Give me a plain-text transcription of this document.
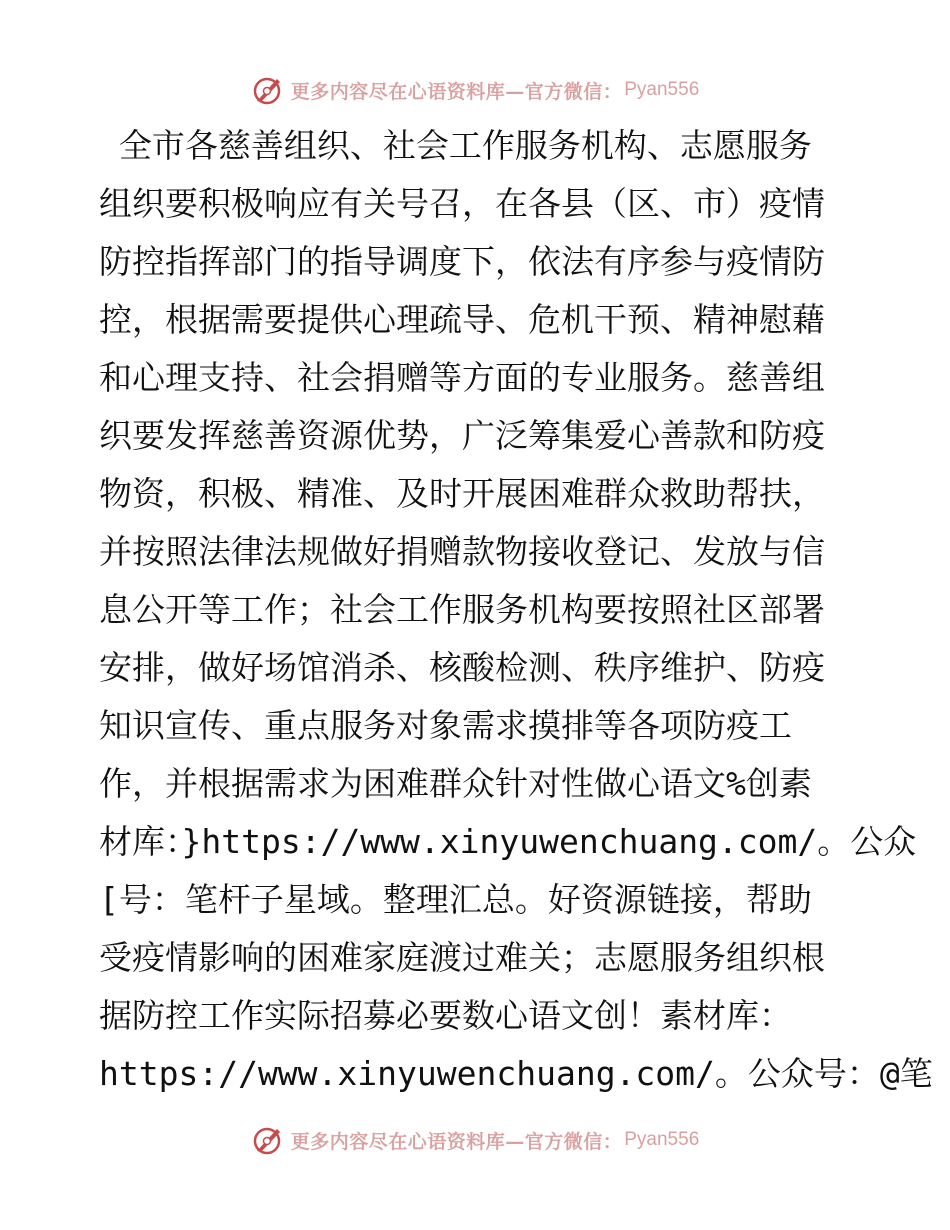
更多内容尽在心语资料库—官方微信： Pyan556
全市各慈善组织、社会工作服务机构、志愿服务
组织要积极响应有关号召，在各县（区、市）疫情
防控指挥部门的指导调度下，依法有序参与疫情防
控，根据需要提供心理疏导、危机干预、精神慰藉
和心理支持、社会捐赠等方面的专业服务。慈善组
织要发挥慈善资源优势，广泛筹集爱心善款和防疫
物资，积极、精准、及时开展困难群众救助帮扶，
并按照法律法规做好捐赠款物接收登记、发放与信
息公开等工作；社会工作服务机构要按照社区部署
安排，做好场馆消杀、核酸检测、秩序维护、防疫
知识宣传、重点服务对象需求摸排等各项防疫工
作，并根据需求为困难群众针对性做心语文%创素
材库：}https://www.xinyuwenchuang.com/。公众
[号：笔杆子星域。整理汇总。好资源链接，帮助
受疫情影响的困难家庭渡过难关；志愿服务组织根
据防控工作实际招募必要数心语文创！素材库：
https://www.xinyuwenchuang.com/。公众号：@笔
更多内容尽在心语资料库—官方微信： Pyan556
